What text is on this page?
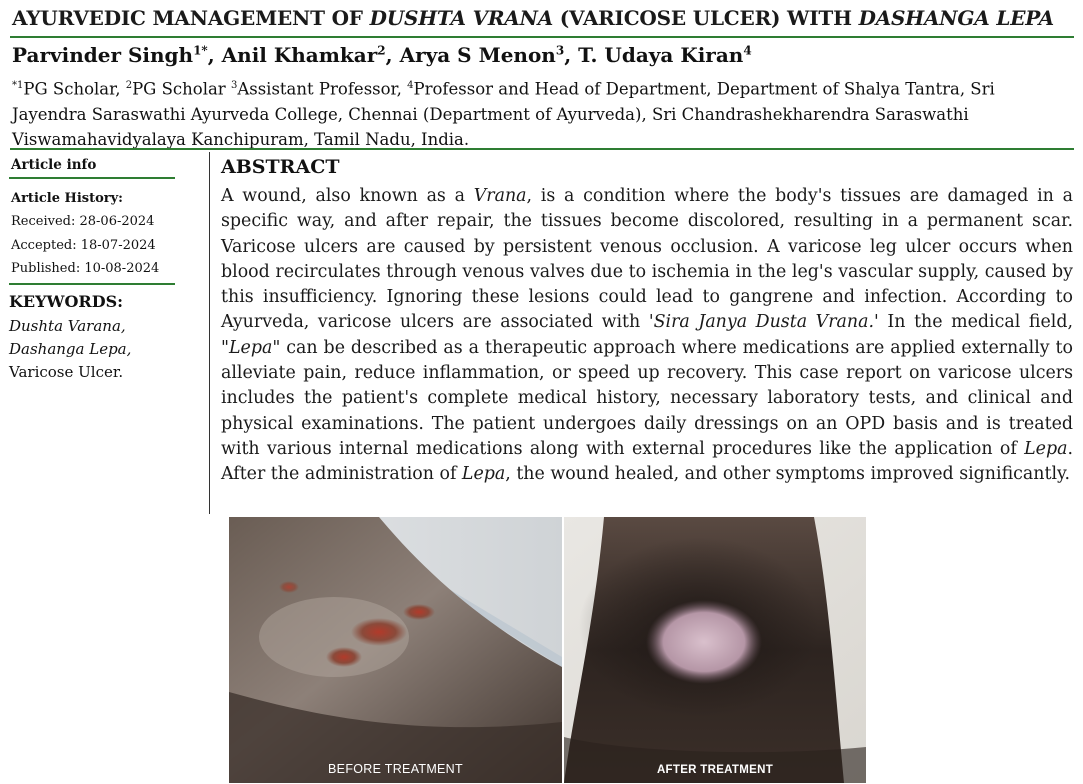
AYURVEDIC MANAGEMENT OF DUSHTA VRANA (VARICOSE ULCER) WITH DASHANGA LEPA
Parvinder Singh$^{1*}$, Anil Khamkar$^2$, Arya S Menon$^3$, T. Udaya Kiran$^4$
$^{*1}$PG Scholar, $^2$PG Scholar $^3$Assistant Professor, $^4$Professor and Head of Department, Department of Shalya Tantra, Sri Jayendra Saraswathi Ayurveda College, Chennai (Department of Ayurveda), Sri Chandrashekharendra Saraswathi Viswamahavidyalaya Kanchipuram, Tamil Nadu, India.
Article info
Article History:
Received: 28-06-2024
Accepted: 18-07-2024
Published: 10-08-2024
KEYWORDS:
Dushta Varana,
Dashanga Lepa,
Varicose Ulcer.
ABSTRACT
A wound, also known as a Vrana, is a condition where the body's tissues are damaged in a specific way, and after repair, the tissues become discolored, resulting in a permanent scar. Varicose ulcers are caused by persistent venous occlusion. A varicose leg ulcer occurs when blood recirculates through venous valves due to ischemia in the leg's vascular supply, caused by this insufficiency. Ignoring these lesions could lead to gangrene and infection. According to Ayurveda, varicose ulcers are associated with 'Sira Janya Dusta Vrana.' In the medical field, "Lepa" can be described as a therapeutic approach where medications are applied externally to alleviate pain, reduce inflammation, or speed up recovery. This case report on varicose ulcers includes the patient's complete medical history, necessary laboratory tests, and clinical and physical examinations. The patient undergoes daily dressings on an OPD basis and is treated with various internal medications along with external procedures like the application of Lepa. After the administration of Lepa, the wound healed, and other symptoms improved significantly.
BEFORE TREATMENT	AFTER TREATMENT
